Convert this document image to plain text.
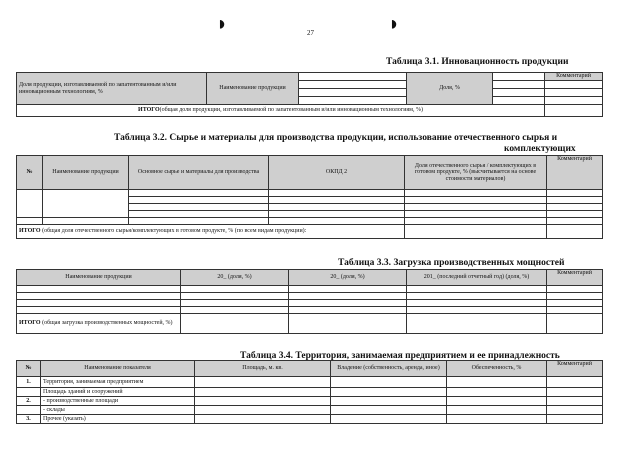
◗	27	◗
Таблица 3.1. Инновационность продукции
Доля продукции, изготавливаемой по запатентованным и/или инновационным технологиям, %	Наименование продукции		Доля, %		Комментарий

ИТОГО(общая доля продукции, изготавливаемой по запатентованным и/или инновационным технологиям, %)					
Таблица 3.2. Сырье и материалы для производства продукции, использование отечественного сырья и
комплектующих
№	Наименование продукции	Основное сырье и материалы для производства	ОКПД 2	Доля отечественного сырья / комплектующих в готовом продукте, % (высчитывается на основе стоимости материалов)	Комментарий

ИТОГО (общая доля отечественного сырья/комплектующих в готовом продукте, % (по всем видам продукции):					
Таблица 3.3. Загрузка производственных мощностей
Наименование продукции	20_ (доля, %)	20_ (доля, %)	201_ (последний отчетный год) (доля, %)	Комментарий

ИТОГО (общая загрузка производственных мощностей, %)				
Таблица 3.4. Территория, занимаемая предприятием и ее принадлежность
№	Наименование показателя	Площадь, м. кв.	Владение (собственность, аренда, иное)	Обеспеченность, %	Комментарий
1.	Территория, занимаемая предприятием				
	Площадь зданий и сооружений				
2.	- производственные площади				
	- склады				
3.	Прочее (указать)				
